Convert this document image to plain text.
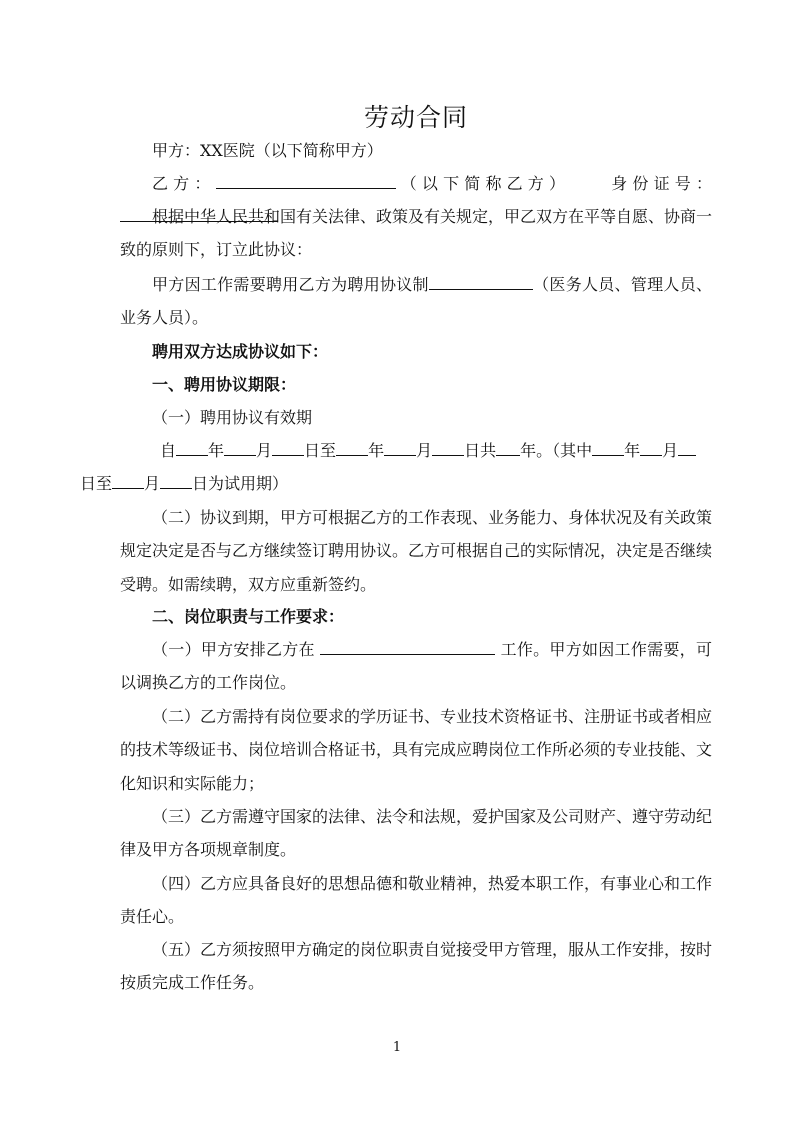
劳动合同
甲方：XX医院（以下简称甲方）
乙方：	（以下简称乙方）	身份证号：
根据中华人民共和国有关法律、政策及有关规定，甲乙双方在平等自愿、协商一致的原则下，订立此协议：
甲方因工作需要聘用乙方为聘用协议制	（医务人员、管理人员、业务人员）。
聘用双方达成协议如下：
一、聘用协议期限：
（一）聘用协议有效期
自 年 月 日至 年 月 日共 年。（其中 年 月
日至 月 日为试用期）
（二）协议到期，甲方可根据乙方的工作表现、业务能力、身体状况及有关政策规定决定是否与乙方继续签订聘用协议。乙方可根据自己的实际情况，决定是否继续受聘。如需续聘，双方应重新签约。
二、岗位职责与工作要求：
（一）甲方安排乙方在	工作。甲方如因工作需要，可以调换乙方的工作岗位。
（二）乙方需持有岗位要求的学历证书、专业技术资格证书、注册证书或者相应的技术等级证书、岗位培训合格证书，具有完成应聘岗位工作所必须的专业技能、文化知识和实际能力；
（三）乙方需遵守国家的法律、法令和法规，爱护国家及公司财产、遵守劳动纪律及甲方各项规章制度。
（四）乙方应具备良好的思想品德和敬业精神，热爱本职工作，有事业心和工作责任心。
（五）乙方须按照甲方确定的岗位职责自觉接受甲方管理，服从工作安排，按时按质完成工作任务。
1
